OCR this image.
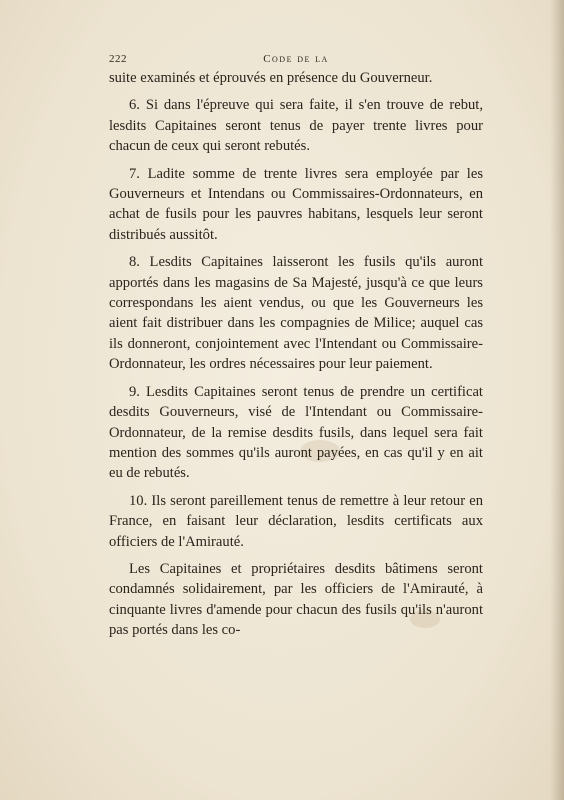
222	Code de la

suite examinés et éprouvés en présence du Gouverneur.

6. Si dans l'épreuve qui sera faite, il s'en trouve de rebut, lesdits Capitaines seront tenus de payer trente livres pour chacun de ceux qui seront rebutés.

7. Ladite somme de trente livres sera employée par les Gouverneurs et Intendans ou Commissaires-Ordonnateurs, en achat de fusils pour les pauvres habitans, lesquels leur seront distribués aussitôt.

8. Lesdits Capitaines laisseront les fusils qu'ils auront apportés dans les magasins de Sa Majesté, jusqu'à ce que leurs correspondans les aient vendus, ou que les Gouverneurs les aient fait distribuer dans les compagnies de Milice; auquel cas ils donneront, conjointement avec l'Intendant ou Commissaire-Ordonnateur, les ordres nécessaires pour leur paiement.

9. Lesdits Capitaines seront tenus de prendre un certificat desdits Gouverneurs, visé de l'Intendant ou Commissaire-Ordonnateur, de la remise desdits fusils, dans lequel sera fait mention des sommes qu'ils auront payées, en cas qu'il y en ait eu de rebutés.

10. Ils seront pareillement tenus de remettre à leur retour en France, en faisant leur déclaration, lesdits certificats aux officiers de l'Amirauté.

Les Capitaines et propriétaires desdits bâtimens seront condamnés solidairement, par les officiers de l'Amirauté, à cinquante livres d'amende pour chacun des fusils qu'ils n'auront pas portés dans les co-
